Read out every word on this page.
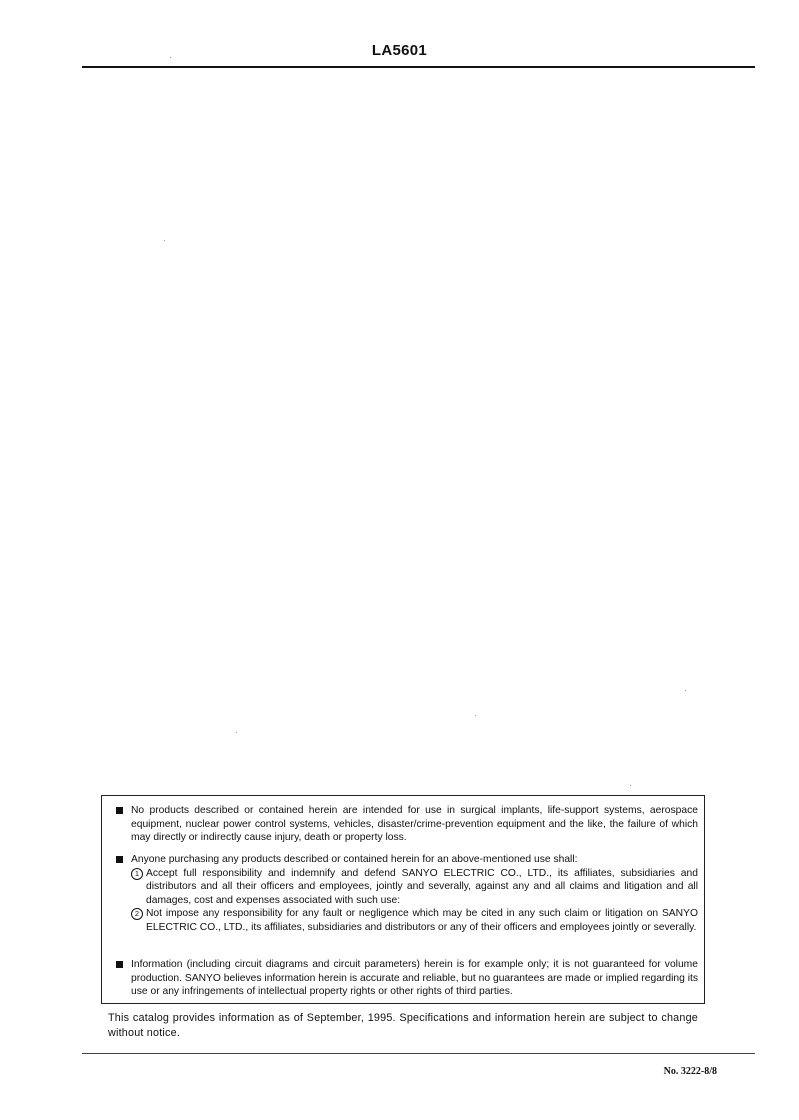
LA5601
No products described or contained herein are intended for use in surgical implants, life-support systems, aerospace equipment, nuclear power control systems, vehicles, disaster/crime-prevention equipment and the like, the failure of which may directly or indirectly cause injury, death or property loss.
Anyone purchasing any products described or contained herein for an above-mentioned use shall:
1 Accept full responsibility and indemnify and defend SANYO ELECTRIC CO., LTD., its affiliates, subsidiaries and distributors and all their officers and employees, jointly and severally, against any and all claims and litigation and all damages, cost and expenses associated with such use:
2 Not impose any responsibility for any fault or negligence which may be cited in any such claim or litigation on SANYO ELECTRIC CO., LTD., its affiliates, subsidiaries and distributors or any of their officers and employees jointly or severally.
Information (including circuit diagrams and circuit parameters) herein is for example only; it is not guaranteed for volume production. SANYO believes information herein is accurate and reliable, but no guarantees are made or implied regarding its use or any infringements of intellectual property rights or other rights of third parties.
This catalog provides information as of September, 1995. Specifications and information herein are subject to change without notice.
No. 3222-8/8
